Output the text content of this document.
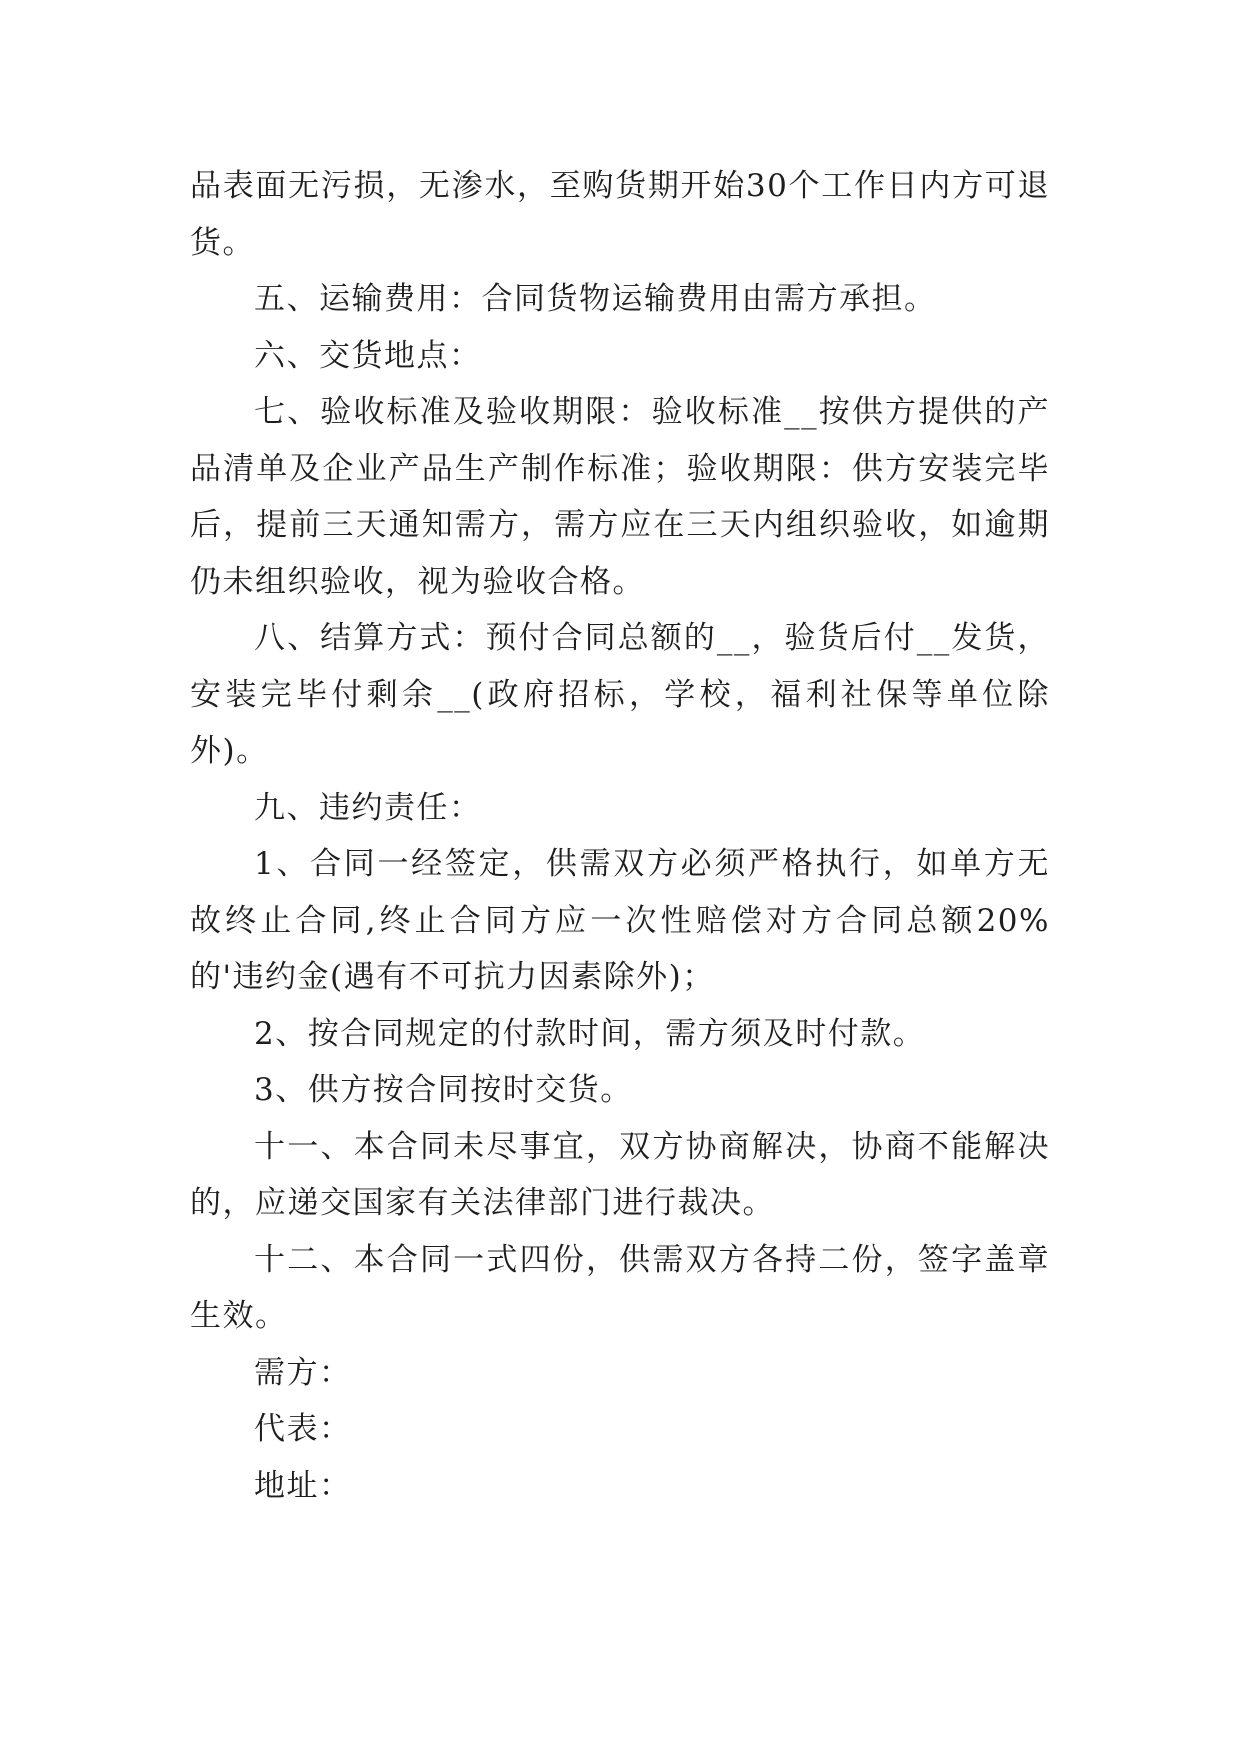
品表面无污损，无渗水，至购货期开始30个工作日内方可退货。

五、运输费用：合同货物运输费用由需方承担。

六、交货地点：

七、验收标准及验收期限：验收标准__按供方提供的产品清单及企业产品生产制作标准；验收期限：供方安装完毕后，提前三天通知需方，需方应在三天内组织验收，如逾期仍未组织验收，视为验收合格。

八、结算方式：预付合同总额的__，验货后付__发货，安装完毕付剩余__(政府招标，学校，福利社保等单位除外)。

九、违约责任：

1、合同一经签定，供需双方必须严格执行，如单方无故终止合同,终止合同方应一次性赔偿对方合同总额20%的'违约金(遇有不可抗力因素除外)；

2、按合同规定的付款时间，需方须及时付款。

3、供方按合同按时交货。

十一、本合同未尽事宜，双方协商解决，协商不能解决的，应递交国家有关法律部门进行裁决。

十二、本合同一式四份，供需双方各持二份，签字盖章生效。

需方：

代表：

地址：
